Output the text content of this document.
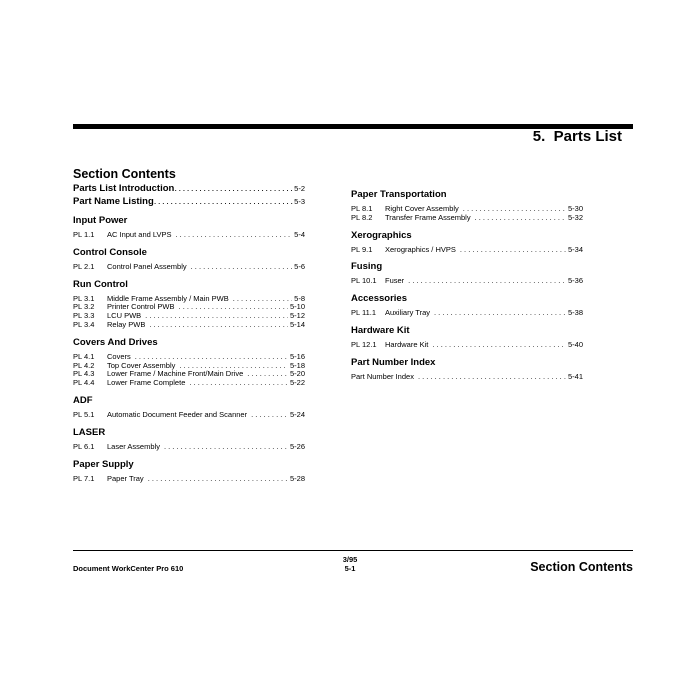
5.  Parts List
Section Contents
Parts List Introduction .....	5-2
Part Name Listing .....	5-3
Input Power
PL 1.1	AC Input and LVPS . . .	5-4
Control Console
PL 2.1	Control Panel Assembly . . .	5-6
Run Control
PL 3.1	Middle Frame Assembly / Main PWB . . .	5-8
PL 3.2	Printer Control PWB . . .	5-10
PL 3.3	LCU PWB . . .	5-12
PL 3.4	Relay PWB . . .	5-14
Covers And Drives
PL 4.1	Covers . . .	5-16
PL 4.2	Top Cover Assembly . . .	5-18
PL 4.3	Lower Frame / Machine Front/Main Drive . . .	5-20
PL 4.4	Lower Frame Complete . . .	5-22
ADF
PL 5.1	Automatic Document Feeder and Scanner . . .	5-24
LASER
PL 6.1	Laser Assembly . . .	5-26
Paper Supply
PL 7.1	Paper Tray . . .	5-28
Paper Transportation
PL 8.1	Right Cover Assembly . . .	5-30
PL 8.2	Transfer Frame Assembly . . .	5-32
Xerographics
PL 9.1	Xerographics / HVPS . . .	5-34
Fusing
PL 10.1	Fuser . . .	5-36
Accessories
PL 11.1	Auxiliary Tray . . .	5-38
Hardware Kit
PL 12.1	Hardware Kit . . .	5-40
Part Number Index
Part Number Index . . .	5-41
Document WorkCenter Pro 610
3/95
5-1	Section Contents
